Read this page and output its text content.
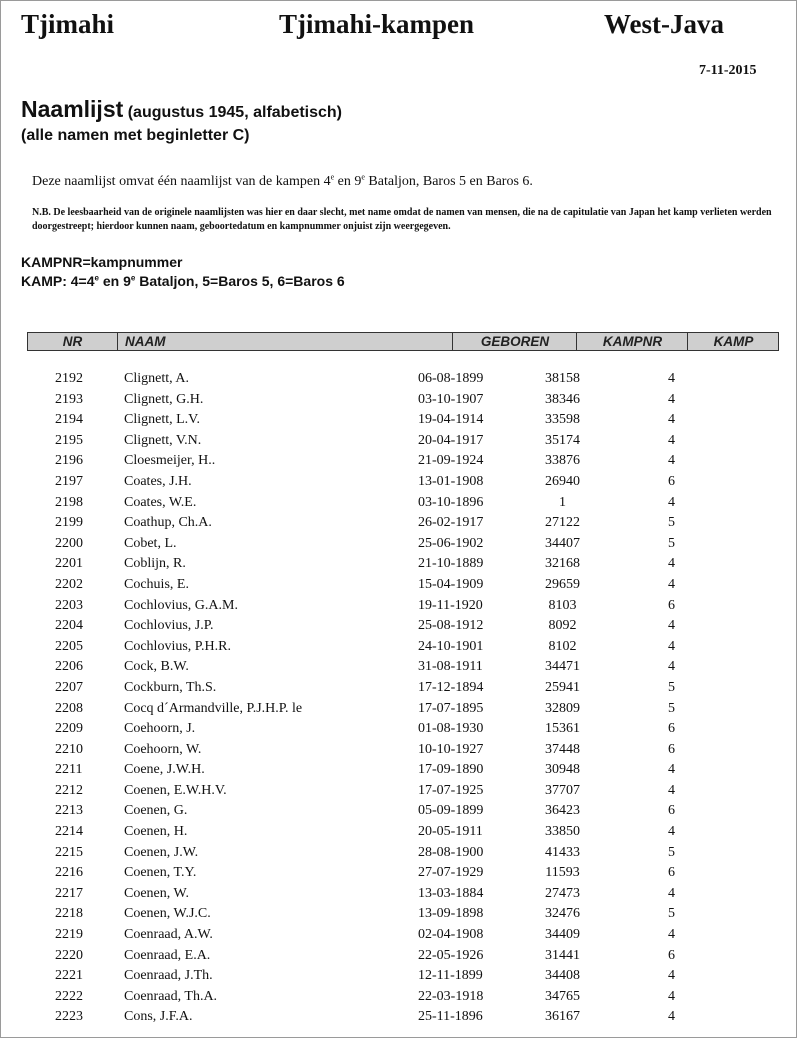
Tjimahi	Tjimahi-kampen	West-Java
7-11-2015
Naamlijst (augustus 1945, alfabetisch)
(alle namen met beginletter C)
Deze naamlijst omvat één naamlijst van de kampen 4e en 9e Bataljon, Baros 5 en Baros 6.
N.B. De leesbaarheid van de originele naamlijsten was hier en daar slecht, met name omdat de namen van mensen, die na de capitulatie van Japan het kamp verlieten werden doorgestreept; hierdoor kunnen naam, geboortedatum en kampnummer onjuist zijn weergegeven.
KAMPNR=kampnummer
KAMP: $4=4^e$ en 9e Bataljon, 5=Baros 5, 6=Baros 6
NR	NAAM	GEBOREN	KAMPNR	KAMP
2192	Clignett, A.	06-08-1899	38158	4
2193	Clignett, G.H.	03-10-1907	38346	4
2194	Clignett, L.V.	19-04-1914	33598	4
2195	Clignett, V.N.	20-04-1917	35174	4
2196	Cloesmeijer, H..	21-09-1924	33876	4
2197	Coates, J.H.	13-01-1908	26940	6
2198	Coates, W.E.	03-10-1896	1	4
2199	Coathup, Ch.A.	26-02-1917	27122	5
2200	Cobet, L.	25-06-1902	34407	5
2201	Coblijn, R.	21-10-1889	32168	4
2202	Cochuis, E.	15-04-1909	29659	4
2203	Cochlovius, G.A.M.	19-11-1920	8103	6
2204	Cochlovius, J.P.	25-08-1912	8092	4
2205	Cochlovius, P.H.R.	24-10-1901	8102	4
2206	Cock, B.W.	31-08-1911	34471	4
2207	Cockburn, Th.S.	17-12-1894	25941	5
2208	Cocq d´Armandville, P.J.H.P. le	17-07-1895	32809	5
2209	Coehoorn, J.	01-08-1930	15361	6
2210	Coehoorn, W.	10-10-1927	37448	6
2211	Coene, J.W.H.	17-09-1890	30948	4
2212	Coenen, E.W.H.V.	17-07-1925	37707	4
2213	Coenen, G.	05-09-1899	36423	6
2214	Coenen, H.	20-05-1911	33850	4
2215	Coenen, J.W.	28-08-1900	41433	5
2216	Coenen, T.Y.	27-07-1929	11593	6
2217	Coenen, W.	13-03-1884	27473	4
2218	Coenen, W.J.C.	13-09-1898	32476	5
2219	Coenraad, A.W.	02-04-1908	34409	4
2220	Coenraad, E.A.	22-05-1926	31441	6
2221	Coenraad, J.Th.	12-11-1899	34408	4
2222	Coenraad, Th.A.	22-03-1918	34765	4
2223	Cons, J.F.A.	25-11-1896	36167	4
